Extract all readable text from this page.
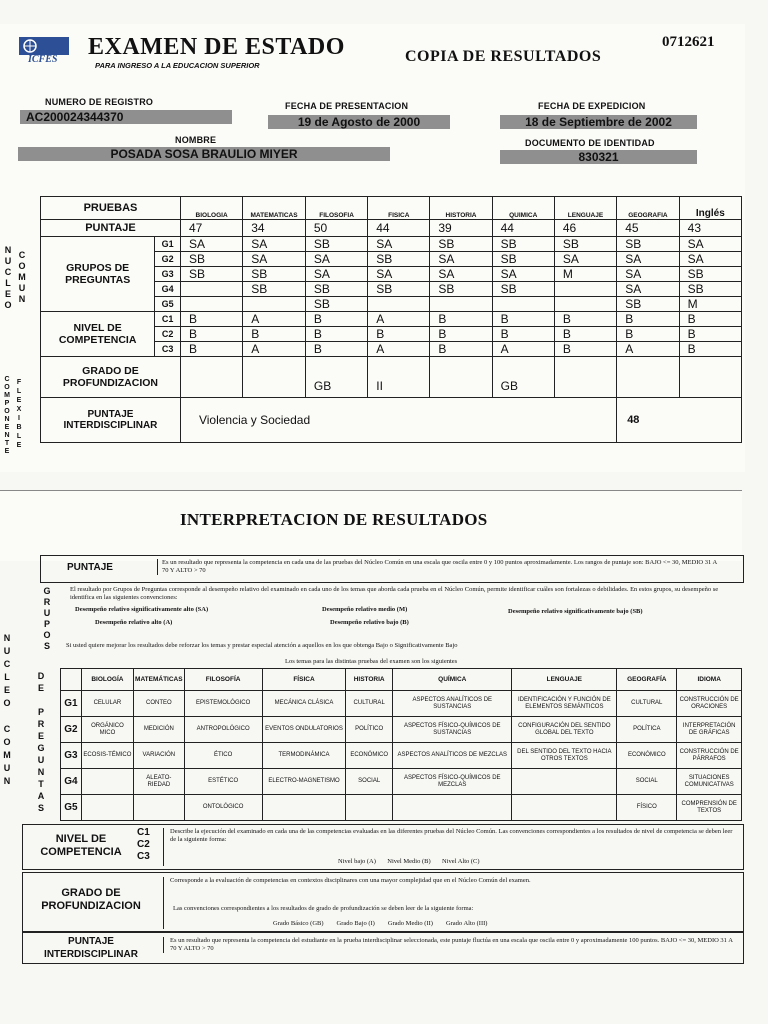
ICFES EXAMEN DE ESTADO
PARA INGRESO A LA EDUCACION SUPERIOR
COPIA DE RESULTADOS
0712621
NUMERO DE REGISTRO
AC200024344370
FECHA DE PRESENTACION
19 de Agosto de 2000
FECHA DE EXPEDICION
18 de Septiembre de 2002
NOMBRE
POSADA SOSA BRAULIO MIYER
DOCUMENTO DE IDENTIDAD
830321
N
U
C
L
E
O
C
O
M
U
N
C
O
M
P
O
N
E
N
T
E
F
L
E
X
I
B
L
E
PRUEBAS		BIOLOGIA	MATEMATICAS	FILOSOFIA	FISICA	HISTORIA	QUIMICA	LENGUAJE	GEOGRAFIA	Inglés
PUNTAJE		47	34	50	44	39	44	46	45	43
GRUPOS DE PREGUNTAS	G1	SA	SA	SB	SA	SB	SB	SB	SB	SA
	G2	SB	SA	SA	SB	SA	SB	SA	SA	SA
	G3	SB	SB	SA	SA	SA	SA	M	SA	SB
	G4		SB	SB	SB	SB	SB		SA	SB
	G5			SB					SB	M
NIVEL DE COMPETENCIA	C1	B	A	B	A	B	B	B	B	B
	C2	B	B	B	B	B	B	B	B	B
	C3	B	A	B	A	B	A	B	A	B
GRADO DE PROFUNDIZACION				GB	II		GB			
PUNTAJE INTERDISCIPLINAR		Violencia y Sociedad							48	
INTERPRETACION DE RESULTADOS
PUNTAJE	Es un resultado que representa la competencia en cada una de las pruebas del Núcleo Común en una escala que oscila entre 0 y 100 puntos aproximadamente. Los rangos de puntaje son: BAJO <= 30, MEDIO 31 A 70 Y ALTO > 70
G
R
U
P
O
S
N
U
C
L
E
O

C
O
M
U
N
D
E

P
R
E
G
U
N
T
A
S
El resultado por Grupos de Preguntas corresponde al desempeño relativo del examinado en cada uno de los temas que aborda cada prueba en el Núcleo Común, permite identificar cuáles son fortalezas o debilidades. En estos grupos, su desempeño se identifica en las siguientes convenciones:
Desempeño relativo significativamente alto (SA)	Desempeño relativo medio (M)	Desempeño relativo significativamente bajo (SB)
Desempeño relativo alto (A)	Desempeño relativo bajo (B)
Si usted quiere mejorar los resultados debe reforzar los temas y prestar especial atención a aquellos en los que obtenga Bajo o Significativamente Bajo
Los temas para las distintas pruebas del examen son los siguientes
	BIOLOGÍA	MATEMÁTICAS	FILOSOFÍA	FÍSICA	HISTORIA	QUÍMICA	LENGUAJE	GEOGRAFÍA	IDIOMA
G1	CELULAR	CONTEO	EPISTEMOLÓGICO	MECÁNICA CLÁSICA	CULTURAL	ASPECTOS ANALÍTICOS DE SUSTANCIAS	IDENTIFICACIÓN Y FUNCIÓN DE ELEMENTOS SEMÁNTICOS	CULTURAL	CONSTRUCCIÓN DE ORACIONES
G2	ORGÁNICO MICO	MEDICIÓN	ANTROPOLÓGICO	EVENTOS ONDULATORIOS	POLÍTICO	ASPECTOS FÍSICO-QUÍMICOS DE SUSTANCIAS	CONFIGURACIÓN DEL SENTIDO GLOBAL DEL TEXTO	POLÍTICA	INTERPRETACIÓN DE GRÁFICAS
G3	ECOSIS-TÉMICO	VARIACIÓN	ÉTICO	TERMODINÁMICA	ECONÓMICO	ASPECTOS ANALÍTICOS DE MEZCLAS	DEL SENTIDO DEL TEXTO HACIA OTROS TEXTOS	ECONÓMICO	CONSTRUCCIÓN DE PÁRRAFOS
G4		ALEATO-RIEDAD	ESTÉTICO	ELECTRO-MAGNETISMO	SOCIAL	ASPECTOS FÍSICO-QUÍMICOS DE MEZCLAS		SOCIAL	SITUACIONES COMUNICATIVAS
G5			ONTOLÓGICO					FÍSICO	COMPRENSIÓN DE TEXTOS
NIVEL DE COMPETENCIA
C1
C2
C3
Describe la ejecución del examinado en cada una de las competencias evaluadas en las diferentes pruebas del Núcleo Común. Las convenciones correspondientes a los resultados de nivel de competencia se deben leer de la siguiente forma:
Nivel bajo (A) Nivel Medio (B) Nivel Alto (C)
GRADO DE PROFUNDIZACION
Corresponde a la evaluación de competencias en contextos disciplinares con una mayor complejidad que en el Núcleo Común del examen.
Las convenciones correspondientes a los resultados de grado de profundización se deben leer de la siguiente forma:
Grado Básico (GB) Grado Bajo (I) Grado Medio (II) Grado Alto (III)
PUNTAJE INTERDISCIPLINAR
Es un resultado que representa la competencia del estudiante en la prueba interdisciplinar seleccionada, este puntaje fluctúa en una escala que oscila entre 0 y aproximadamente 100 puntos. BAJO <= 30, MEDIO 31 A 70 Y ALTO > 70
